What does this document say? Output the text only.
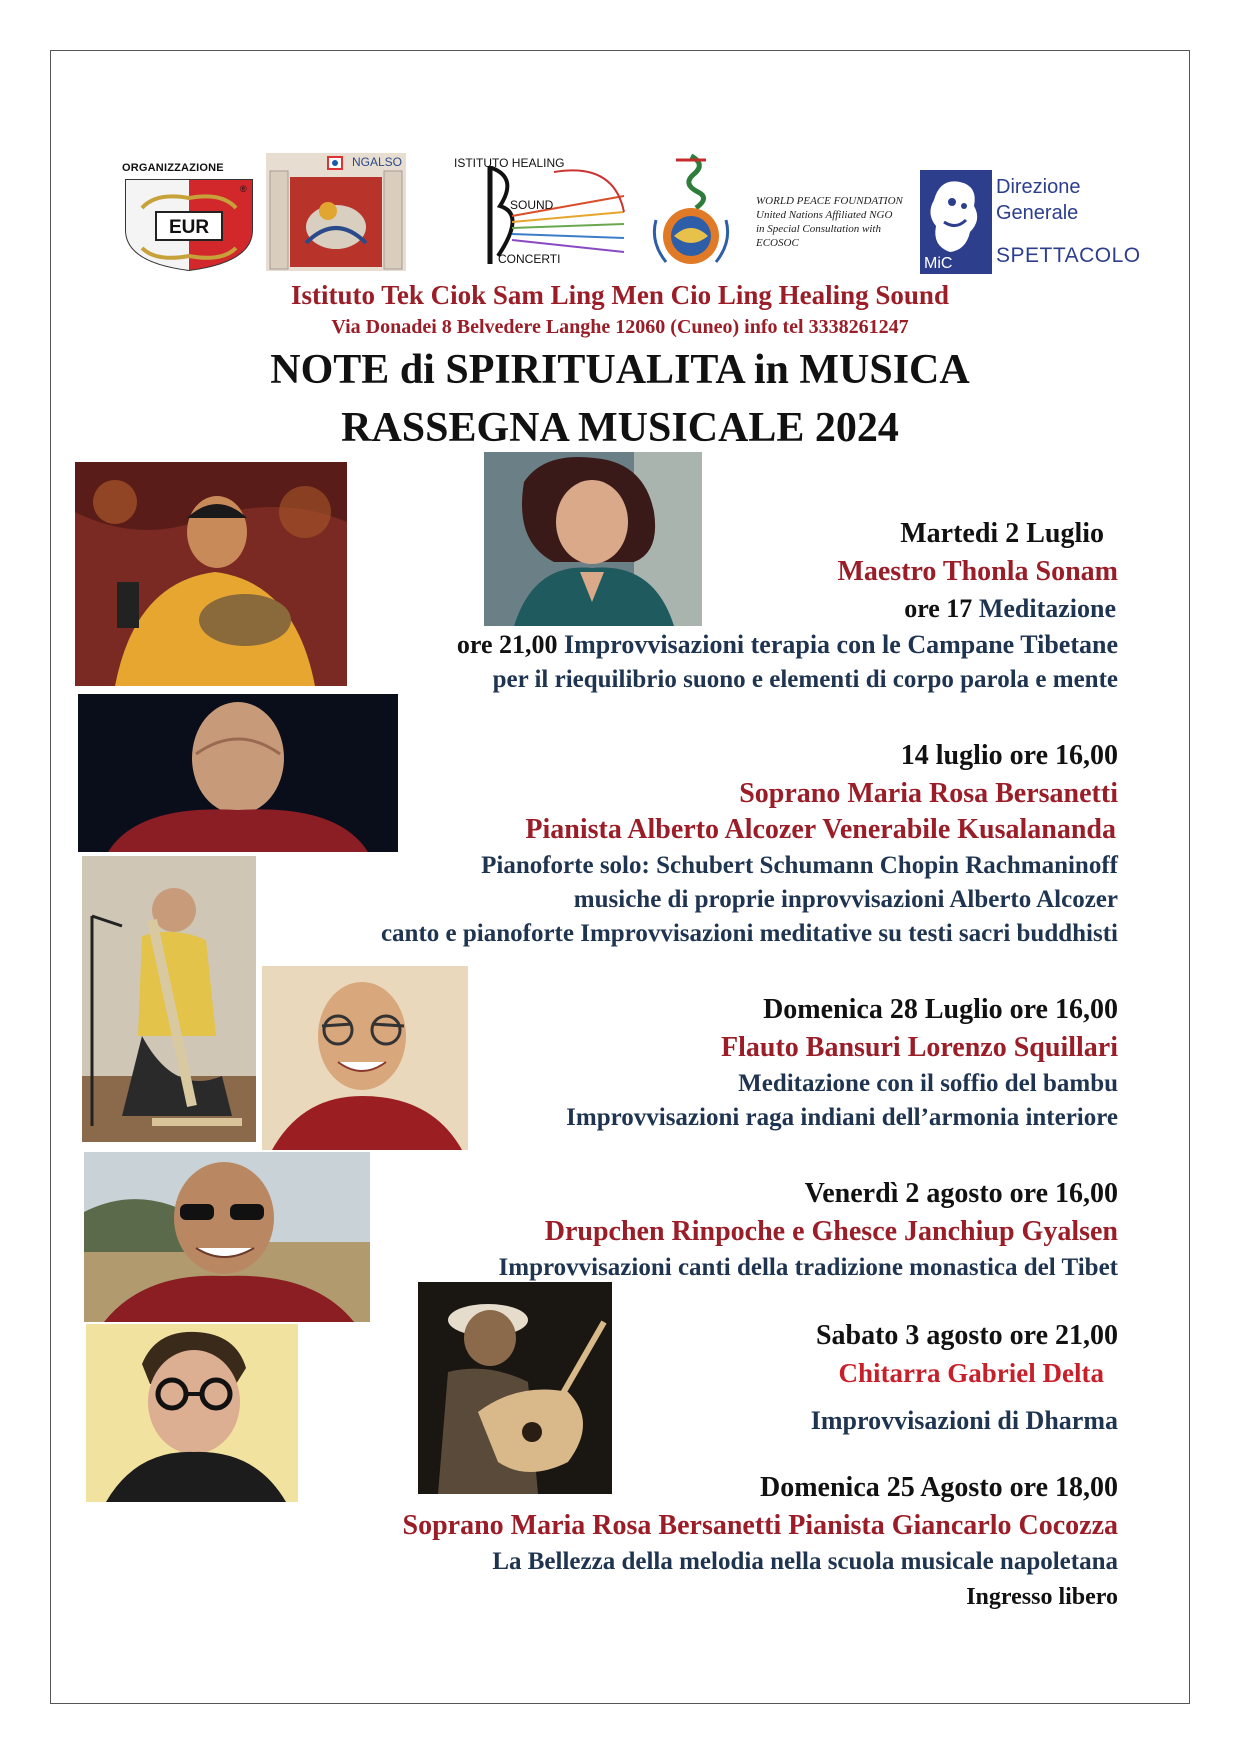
ORGANIZZAZIONE
EUR
®
NGALSO	ISTITUTO HEALING
SOUND
CONCERTI
WORLD PEACE FOUNDATION
United Nations Affiliated NGO
in Special Consultation with ECOSOC
MiC
Direzione
Generale
SPETTACOLO
Istituto Tek Ciok Sam Ling Men Cio Ling Healing Sound
Via Donadei 8 Belvedere Langhe 12060 (Cuneo) info tel 3338261247
NOTE di SPIRITUALITA in MUSICA
RASSEGNA MUSICALE 2024
Martedi 2 Luglio
Maestro Thonla Sonam
ore 17 Meditazione
ore 21,00 Improvvisazioni terapia con le Campane Tibetane
per il riequilibrio suono e elementi di corpo parola e mente
14 luglio ore 16,00
Soprano Maria Rosa Bersanetti
Pianista Alberto Alcozer Venerabile Kusalananda
Pianoforte solo: Schubert Schumann Chopin Rachmaninoff
musiche di proprie inprovvisazioni Alberto Alcozer
canto e pianoforte Improvvisazioni meditative su testi sacri buddhisti
Domenica 28 Luglio ore 16,00
Flauto Bansuri Lorenzo Squillari
Meditazione con il soffio del bambu
Improvvisazioni raga indiani dell’armonia interiore
Venerdì 2 agosto ore 16,00
Drupchen Rinpoche e Ghesce Janchiup Gyalsen
Improvvisazioni canti della tradizione monastica del Tibet
Sabato 3 agosto ore 21,00
Chitarra Gabriel Delta
Improvvisazioni di Dharma
Domenica 25 Agosto ore 18,00
Soprano Maria Rosa Bersanetti Pianista Giancarlo Cocozza
La Bellezza della melodia nella scuola musicale napoletana
Ingresso libero
